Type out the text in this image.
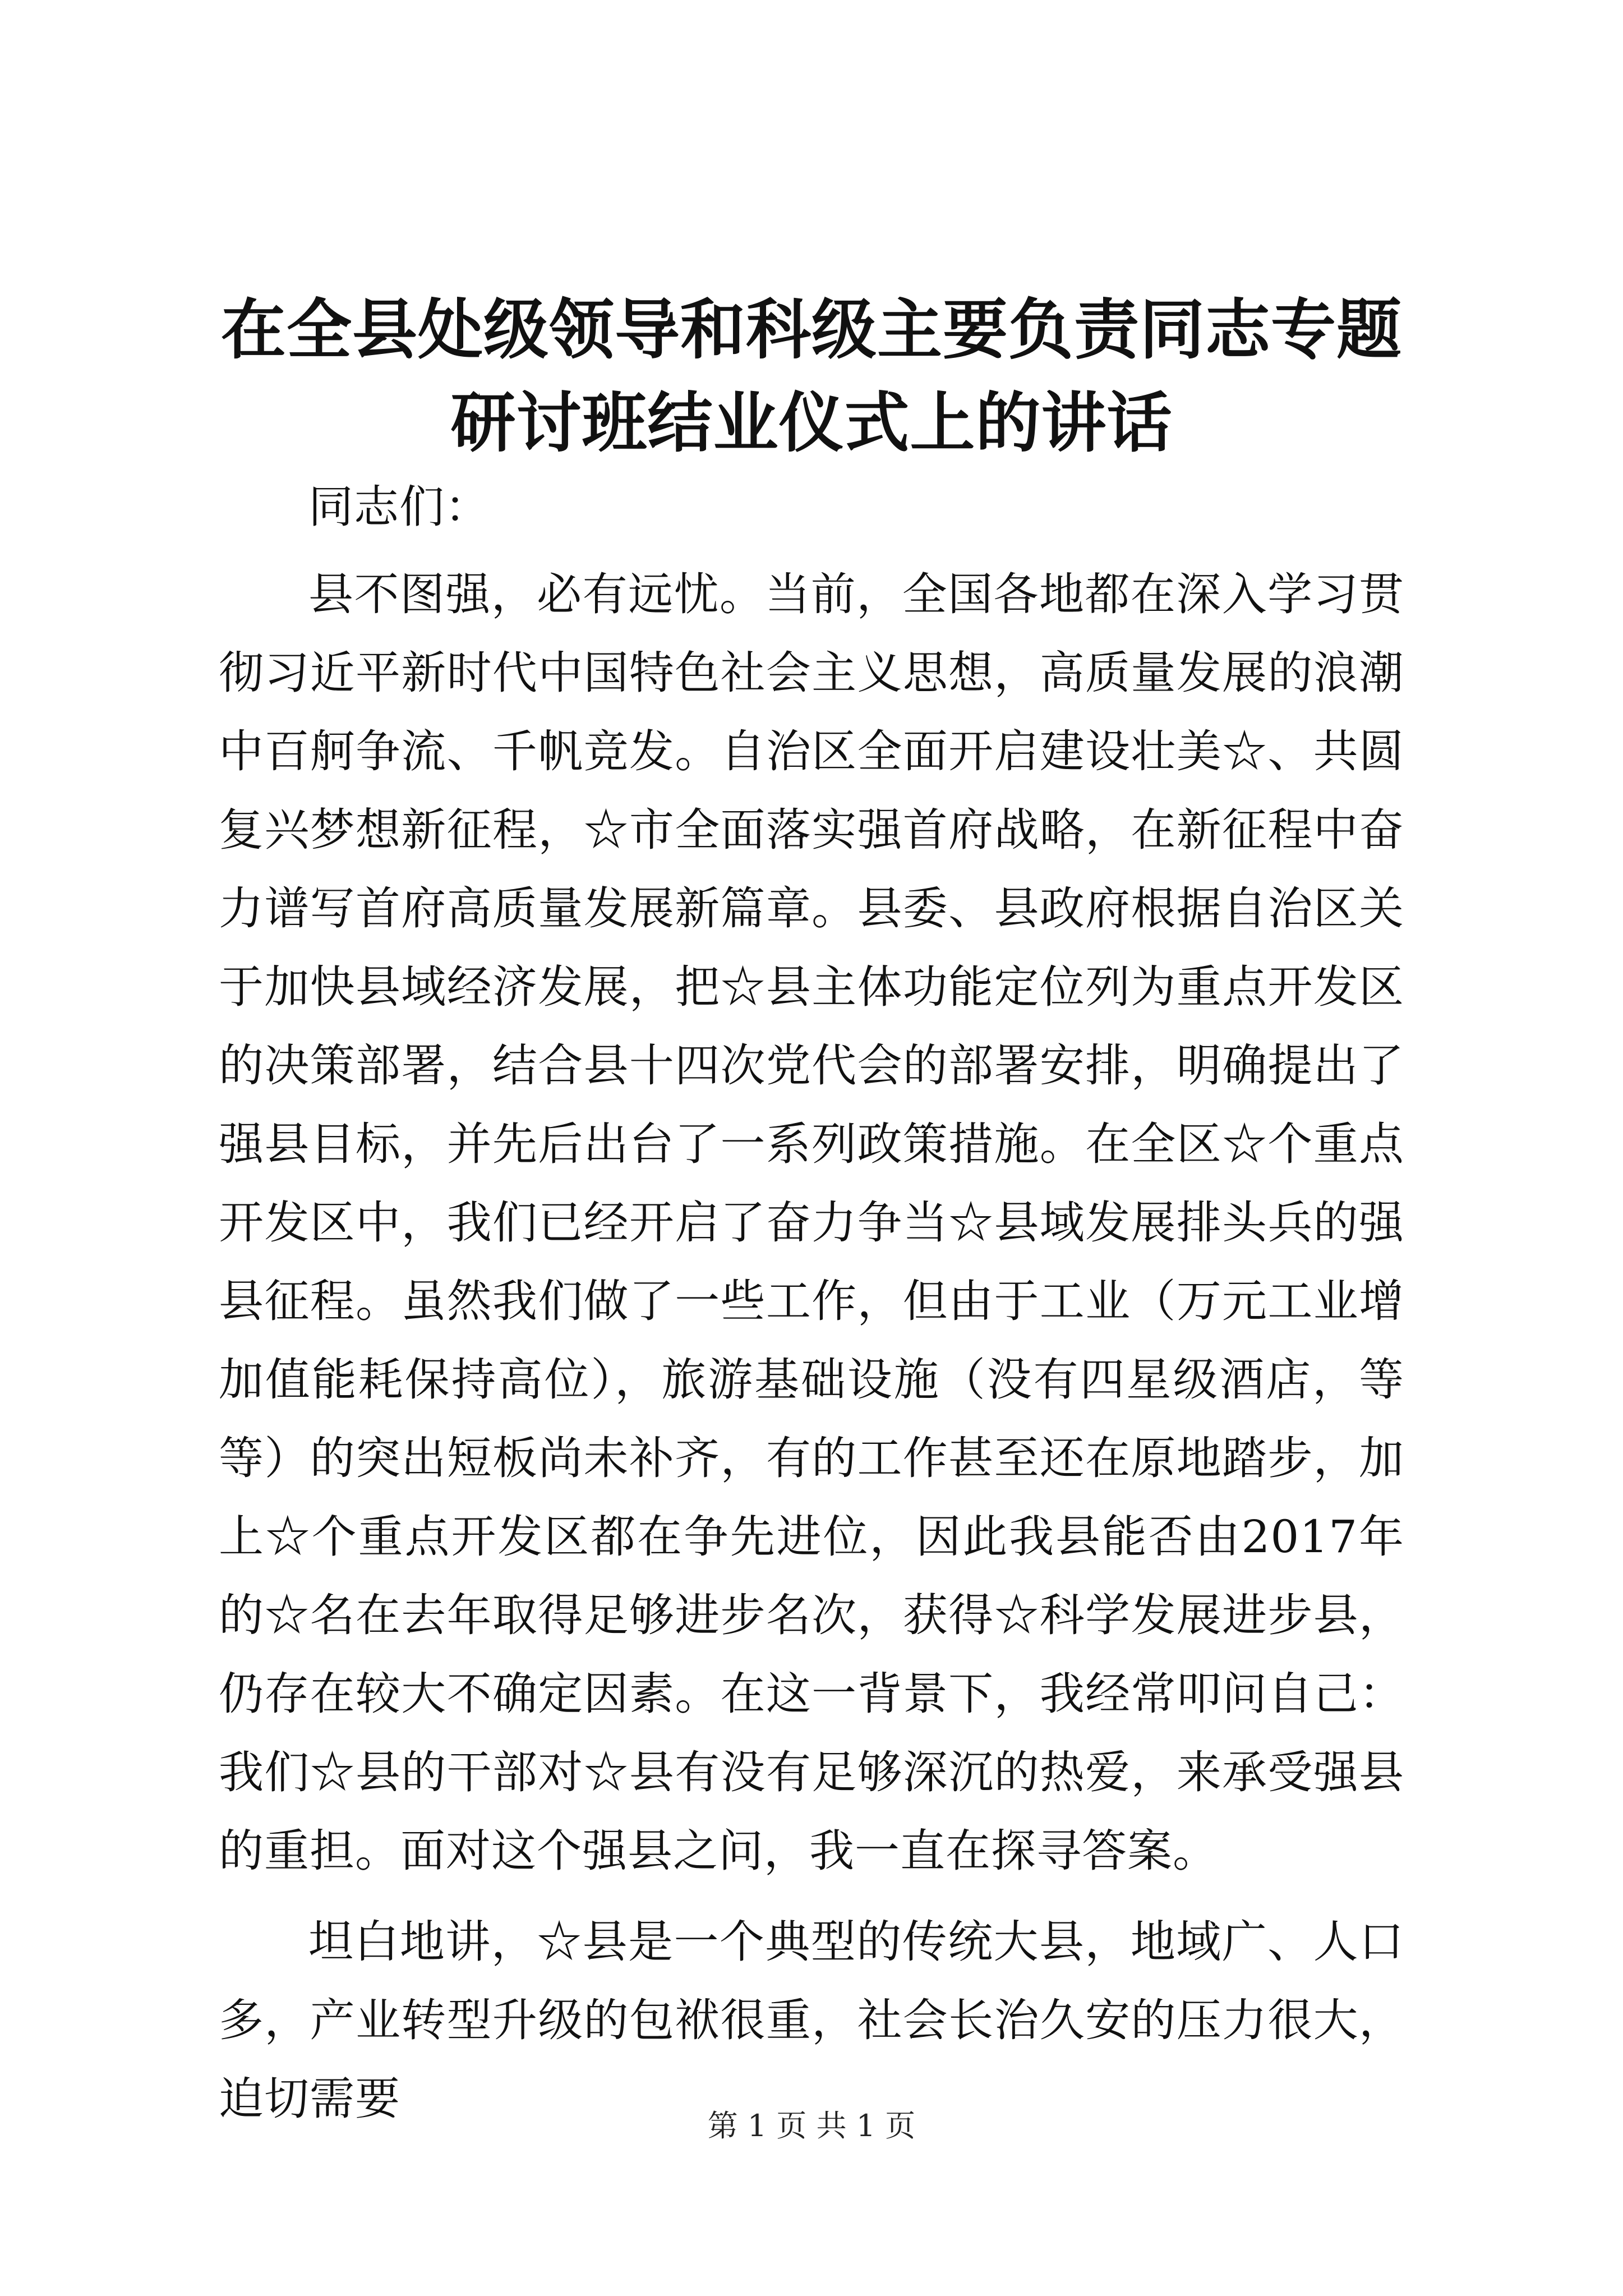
在全县处级领导和科级主要负责同志专题研讨班结业仪式上的讲话

同志们：

县不图强，必有远忧。当前，全国各地都在深入学习贯彻习近平新时代中国特色社会主义思想，高质量发展的浪潮中百舸争流、千帆竞发。自治区全面开启建设壮美☆、共圆复兴梦想新征程，☆市全面落实强首府战略，在新征程中奋力谱写首府高质量发展新篇章。县委、县政府根据自治区关于加快县域经济发展，把☆县主体功能定位列为重点开发区的决策部署，结合县十四次党代会的部署安排，明确提出了强县目标，并先后出台了一系列政策措施。在全区☆个重点开发区中，我们已经开启了奋力争当☆县域发展排头兵的强县征程。虽然我们做了一些工作，但由于工业（万元工业增加值能耗保持高位），旅游基础设施（没有四星级酒店，等等）的突出短板尚未补齐，有的工作甚至还在原地踏步，加上☆个重点开发区都在争先进位，因此我县能否由2017年的☆名在去年取得足够进步名次，获得☆科学发展进步县，仍存在较大不确定因素。在这一背景下，我经常叩问自己：我们☆县的干部对☆县有没有足够深沉的热爱，来承受强县的重担。面对这个强县之问，我一直在探寻答案。

坦白地讲，☆县是一个典型的传统大县，地域广、人口多，产业转型升级的包袱很重，社会长治久安的压力很大，迫切需要

第 1 页 共 1 页
